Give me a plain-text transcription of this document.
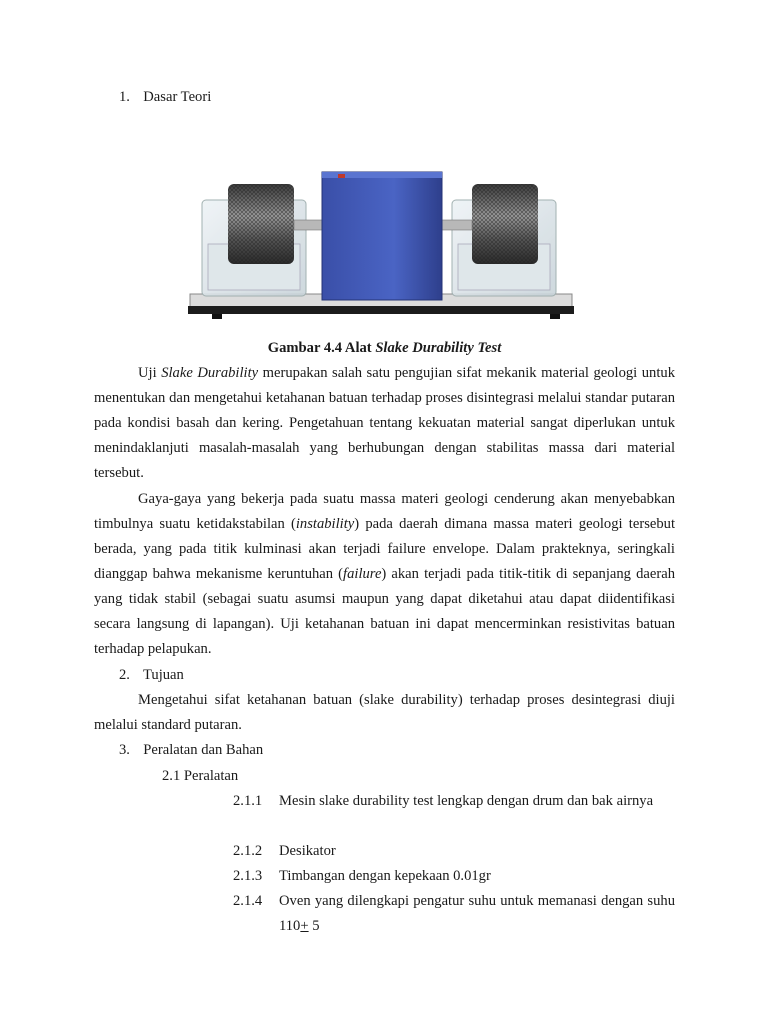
1. Dasar Teori
Gambar 4.4 Alat Slake Durability Test
Uji Slake Durability merupakan salah satu pengujian sifat mekanik material geologi untuk menentukan dan mengetahui ketahanan batuan terhadap proses disintegrasi melalui standar putaran pada kondisi basah dan kering. Pengetahuan tentang kekuatan material sangat diperlukan untuk menindaklanjuti masalah-masalah yang berhubungan dengan stabilitas massa dari material tersebut.
Gaya-gaya yang bekerja pada suatu massa materi geologi cenderung akan menyebabkan timbulnya suatu ketidakstabilan (instability) pada daerah dimana massa materi geologi tersebut berada, yang pada titik kulminasi akan terjadi failure envelope. Dalam prakteknya, seringkali dianggap bahwa mekanisme keruntuhan (failure) akan terjadi pada titik-titik di sepanjang daerah yang tidak stabil (sebagai suatu asumsi maupun yang dapat diketahui atau dapat diidentifikasi secara langsung di lapangan). Uji ketahanan batuan ini dapat mencerminkan resistivitas batuan terhadap pelapukan.
2. Tujuan
Mengetahui sifat ketahanan batuan (slake durability) terhadap proses desintegrasi diuji melalui standard putaran.
3. Peralatan dan Bahan
2.1 Peralatan
2.1.1 Mesin slake durability test lengkap dengan drum dan bak airnya
2.1.2 Desikator
2.1.3 Timbangan dengan kepekaan 0.01gr
2.1.4 Oven yang dilengkapi pengatur suhu untuk memanasi dengan suhu 110+ 5
